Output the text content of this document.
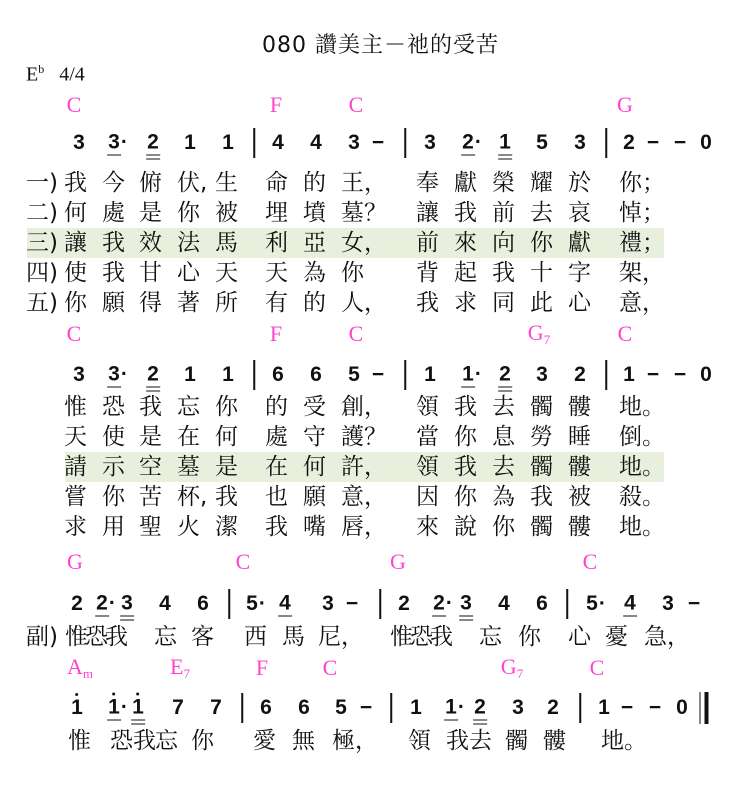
080 讚美主－祂的受苦
$E^b$ 4/4
C	F	C	G
3 3 · 2 1 1 4 4 3 − 3 2 · 1 5 3 2 − − 0
一) 我 今 俯 伏, 生 命 的 王， 奉 獻 榮 耀 於 你；
二) 何 處 是 你 被 埋 墳 墓？ 讓 我 前 去 哀 悼；
三) 讓 我 效 法 馬 利 亞 女， 前 來 向 你 獻 禮；
四) 使 我 甘 心 天 天 為 你 背 起 我 十 字 架，
五) 你 願 得 著 所 有 的 人， 我 求 同 此 心 意，
C	F	C	$G_7$	C
3 3 · 2 1 1 6 6 5 − 1 1 · 2 3 2 1 − − 0
惟 恐 我 忘 你 的 受 創， 領 我 去 髑 髏 地。
天 使 是 在 何 處 守 護？ 當 你 息 勞 睡 倒。
請 示 空 墓 是 在 何 許， 領 我 去 髑 髏 地。
嘗 你 苦 杯, 我 也 願 意， 因 你 為 我 被 殺。
求 用 聖 火 潔 我 嘴 唇， 來 說 你 髑 髏 地。
G	C	G	C
2 2 · 3 4 6 5 · 4 3 − 2 2 · 3 4 6 5 · 4 3 −
副) 惟恐我 忘 客 西 馬 尼， 惟恐我 忘 你 心 憂 急，
$A_m$	$E_7$	F C	$G_7$	C
1 1 · 1 7 7 6 6 5 − 1 1 · 2 3 2 1 − − 0
惟 恐我 忘 你 愛 無 極， 領 我去 髑 髏 地。
